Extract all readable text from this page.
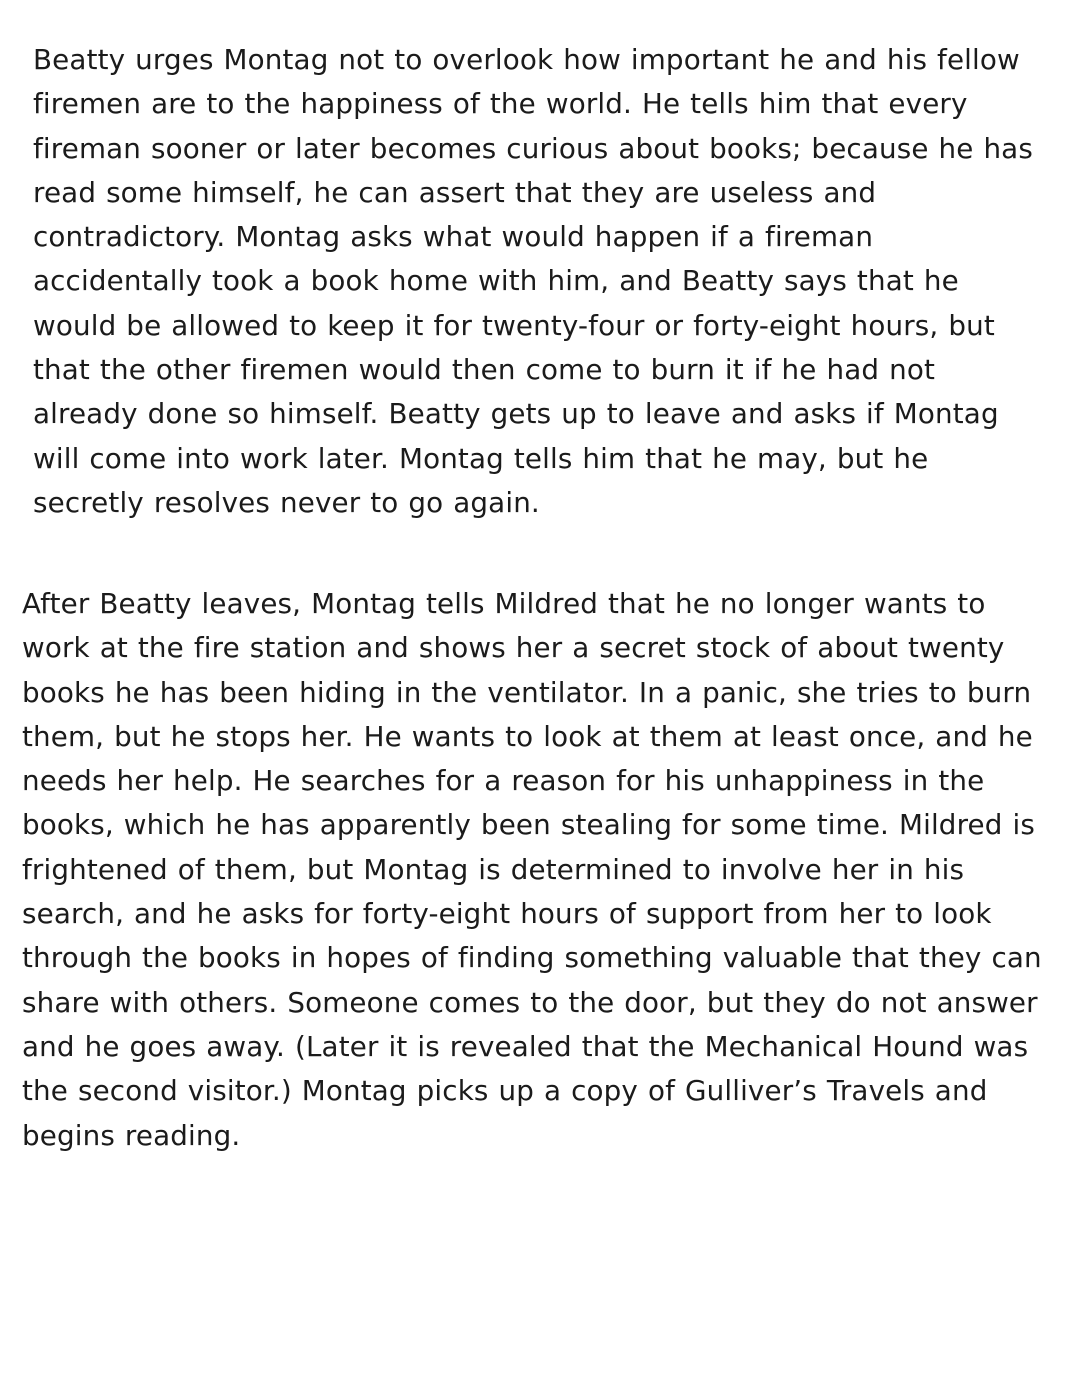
Beatty urges Montag not to overlook how important he and his fellow
firemen are to the happiness of the world. He tells him that every
fireman sooner or later becomes curious about books; because he has
read some himself, he can assert that they are useless and
contradictory. Montag asks what would happen if a fireman
accidentally took a book home with him, and Beatty says that he
would be allowed to keep it for twenty-four or forty-eight hours, but
that the other firemen would then come to burn it if he had not
already done so himself. Beatty gets up to leave and asks if Montag
will come into work later. Montag tells him that he may, but he
secretly resolves never to go again.

After Beatty leaves, Montag tells Mildred that he no longer wants to
work at the fire station and shows her a secret stock of about twenty
books he has been hiding in the ventilator. In a panic, she tries to burn
them, but he stops her. He wants to look at them at least once, and he
needs her help. He searches for a reason for his unhappiness in the
books, which he has apparently been stealing for some time. Mildred is
frightened of them, but Montag is determined to involve her in his
search, and he asks for forty-eight hours of support from her to look
through the books in hopes of finding something valuable that they can
share with others. Someone comes to the door, but they do not answer
and he goes away. (Later it is revealed that the Mechanical Hound was
the second visitor.) Montag picks up a copy of Gulliver’s Travels and
begins reading.
